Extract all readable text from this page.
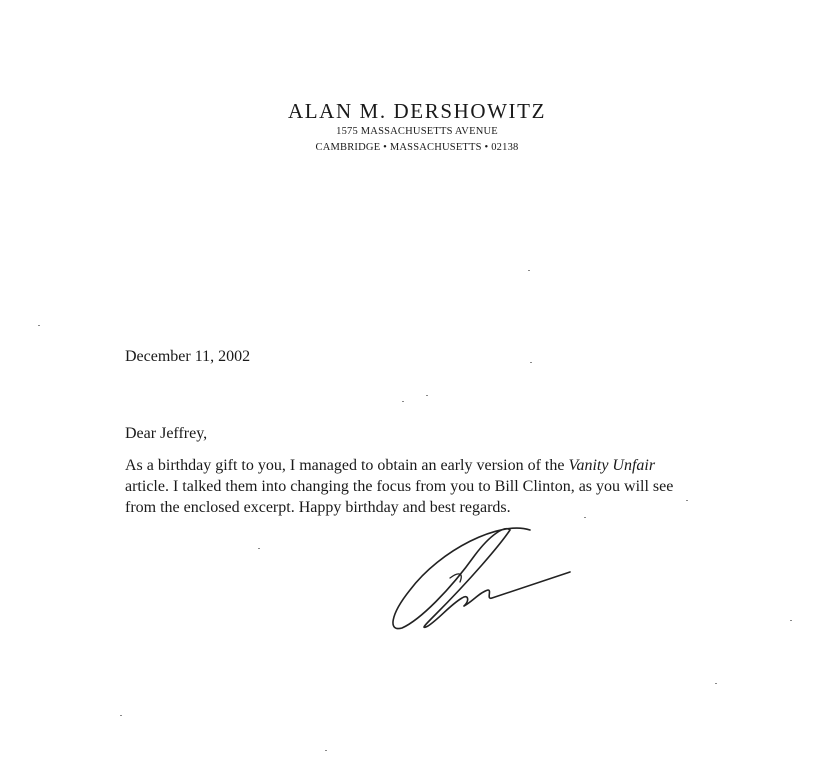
ALAN M. DERSHOWITZ
1575 MASSACHUSETTS AVENUE
CAMBRIDGE • MASSACHUSETTS • 02138
December 11, 2002
Dear Jeffrey,
As a birthday gift to you, I managed to obtain an early version of the Vanity Unfair
article. I talked them into changing the focus from you to Bill Clinton, as you will see
from the enclosed excerpt. Happy birthday and best regards.
